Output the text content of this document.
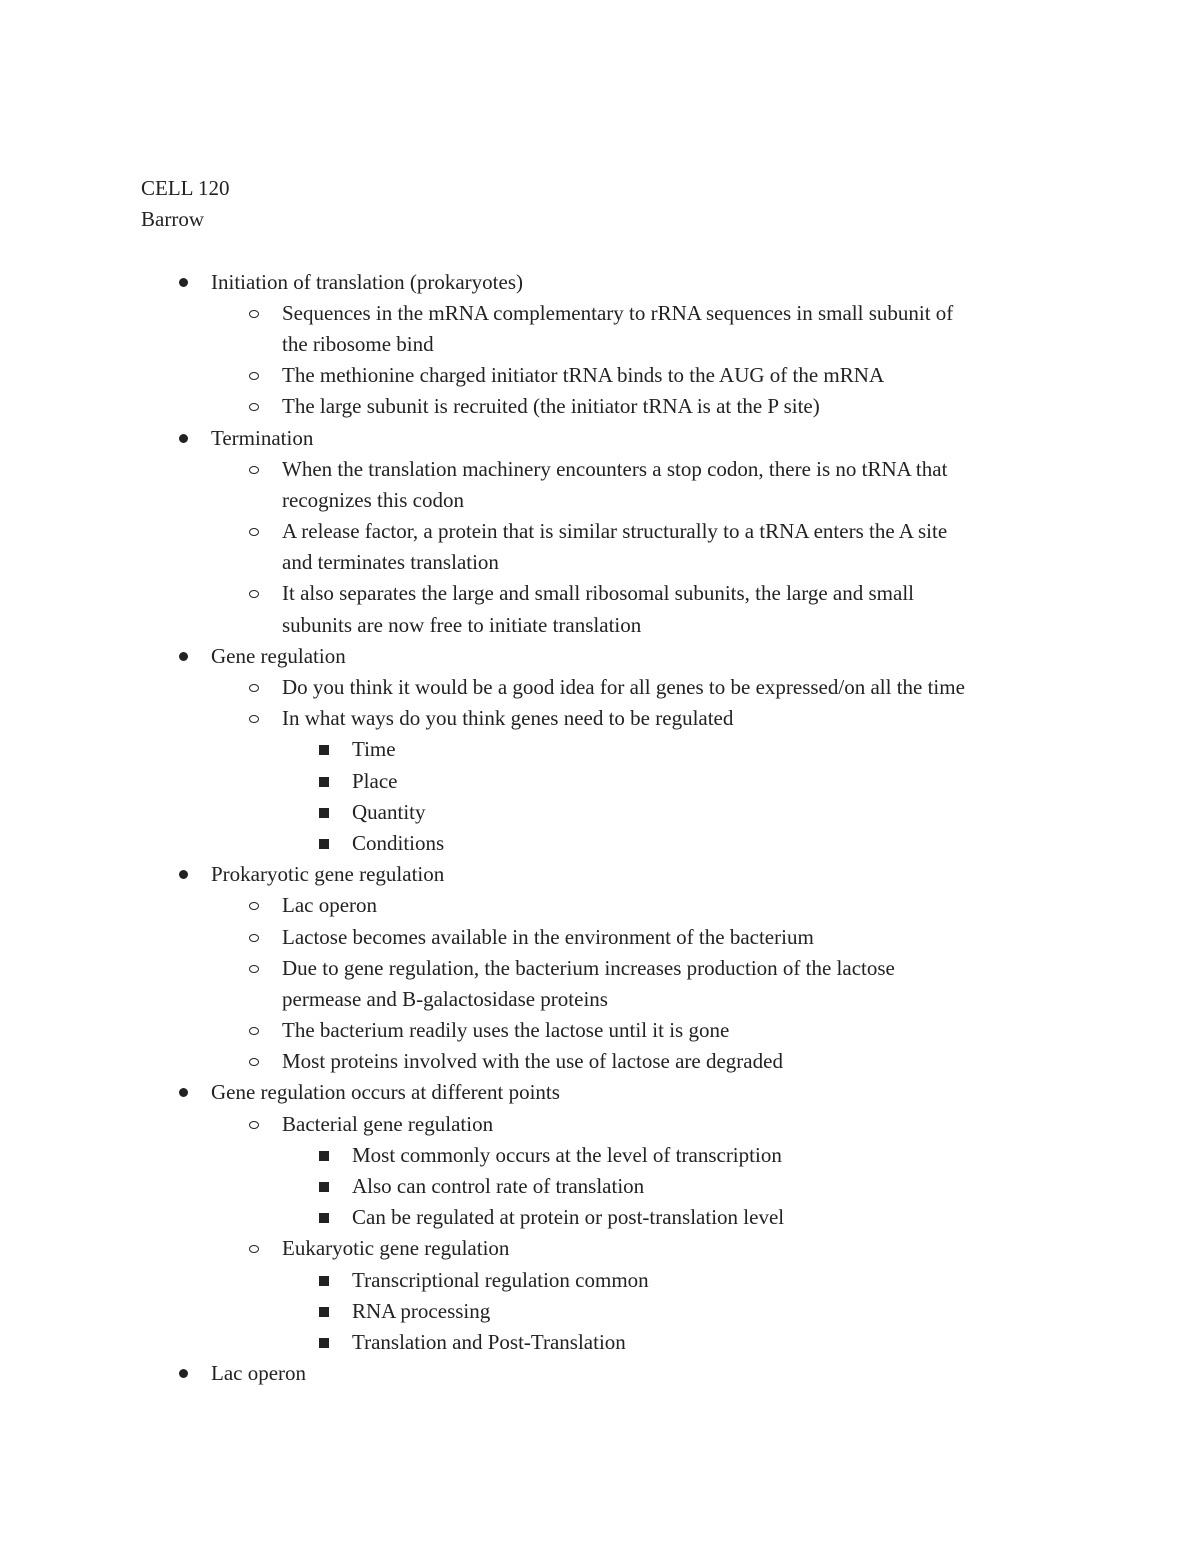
CELL 120
Barrow
Initiation of translation (prokaryotes)
Sequences in the mRNA complementary to rRNA sequences in small subunit of
the ribosome bind
The methionine charged initiator tRNA binds to the AUG of the mRNA
The large subunit is recruited (the initiator tRNA is at the P site)
Termination
When the translation machinery encounters a stop codon, there is no tRNA that
recognizes this codon
A release factor, a protein that is similar structurally to a tRNA enters the A site
and terminates translation
It also separates the large and small ribosomal subunits, the large and small
subunits are now free to initiate translation
Gene regulation
Do you think it would be a good idea for all genes to be expressed/on all the time
In what ways do you think genes need to be regulated
Time
Place
Quantity
Conditions
Prokaryotic gene regulation
Lac operon
Lactose becomes available in the environment of the bacterium
Due to gene regulation, the bacterium increases production of the lactose
permease and B-galactosidase proteins
The bacterium readily uses the lactose until it is gone
Most proteins involved with the use of lactose are degraded
Gene regulation occurs at different points
Bacterial gene regulation
Most commonly occurs at the level of transcription
Also can control rate of translation
Can be regulated at protein or post-translation level
Eukaryotic gene regulation
Transcriptional regulation common
RNA processing
Translation and Post-Translation
Lac operon
